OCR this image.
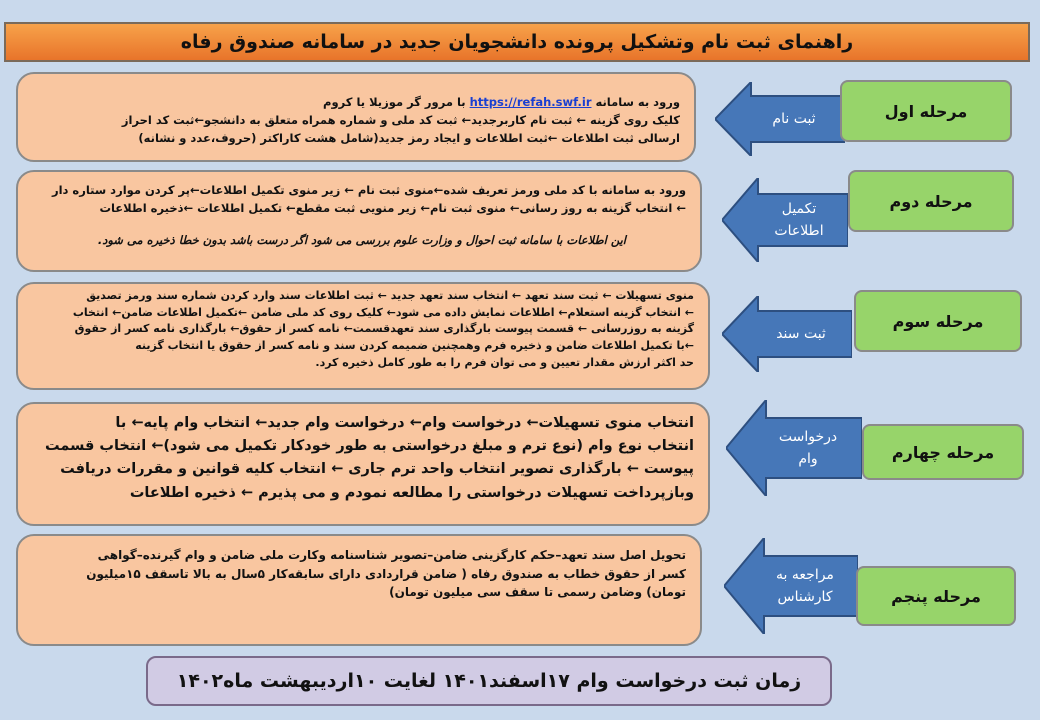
راهنمای ثبت نام وتشکیل پرونده دانشجویان جدید در سامانه صندوق رفاه

ورود به سامانه https://refah.swf.ir با مرور گر موزیلا یا کروم

کلیک روی گزینه ← ثبت نام کاربرجدید← ثبت کد ملی و شماره همراه متعلق به دانشجو←ثبت کد احراز

ارسالی ثبت اطلاعات ←ثبت اطلاعات و ایجاد رمز جدید(شامل هشت کاراکتر (حروف،عدد و نشانه)

ثبت نام	مرحله اول

ورود به سامانه با کد ملی ورمز تعریف شده←منوی ثبت نام ← زیر منوی تکمیل اطلاعات←پر کردن موارد ستاره دار

← انتخاب گزینه به روز رسانی← منوی ثبت نام← زیر منویی ثبت مقطع← تکمیل اطلاعات ←ذخیره اطلاعات

این اطلاعات با سامانه ثبت احوال و وزارت علوم بررسی می شود اگر درست باشد بدون خطا ذخیره می شود.

تکمیل اطلاعات
مرحله دوم

منوی تسهیلات ← ثبت سند تعهد ← انتخاب سند تعهد جدید ← ثبت اطلاعات سند وارد کردن شماره سند ورمز تصدیق

← انتخاب گزینه استعلام← اطلاعات نمایش داده می شود← کلیک روی کد ملی ضامن ←تکمیل اطلاعات ضامن← انتخاب

گزینه به روزرسانی ← قسمت پیوست بارگذاری سند تعهدقسمت← نامه کسر از حقوق← بارگذاری نامه کسر از حقوق

←با تکمیل اطلاعات ضامن و ذخیره فرم وهمچنین ضمیمه کردن سند و نامه کسر از حقوق یا انتخاب گزینه

حد اکثر ارزش مقدار تعیین و می توان فرم را به طور کامل ذخیره کرد.

ثبت سند
مرحله سوم

انتخاب منوی تسهیلات← درخواست وام← درخواست وام جدید← انتخاب وام پایه← با

انتخاب نوع وام (نوع ترم و مبلغ درخواستی به طور خودکار تکمیل می شود)← انتخاب قسمت

پیوست ← بارگذاری تصویر انتخاب واحد ترم جاری ← انتخاب کلیه قوانین و مقررات دریافت

وبازپرداخت تسهیلات درخواستی را مطالعه نمودم و می پذیرم ← ذخیره اطلاعات

درخواست وام	مرحله چهارم

تحویل اصل سند تعهد–حکم کارگزینی ضامن–تصویر شناسنامه وکارت ملی ضامن و وام گیرنده–گواهی

کسر از حقوق خطاب به صندوق رفاه ( ضامن قراردادی دارای سابقه‌کار ۵سال به بالا تاسقف ۱۵میلیون

تومان) وضامن رسمی تا سقف سی میلیون تومان)

مراجعه به کارشناس	مرحله پنجم
زمان ثبت درخواست وام ۱۷اسفند۱۴۰۱ لغایت ۱۰اردیبهشت ماه۱۴۰۲
